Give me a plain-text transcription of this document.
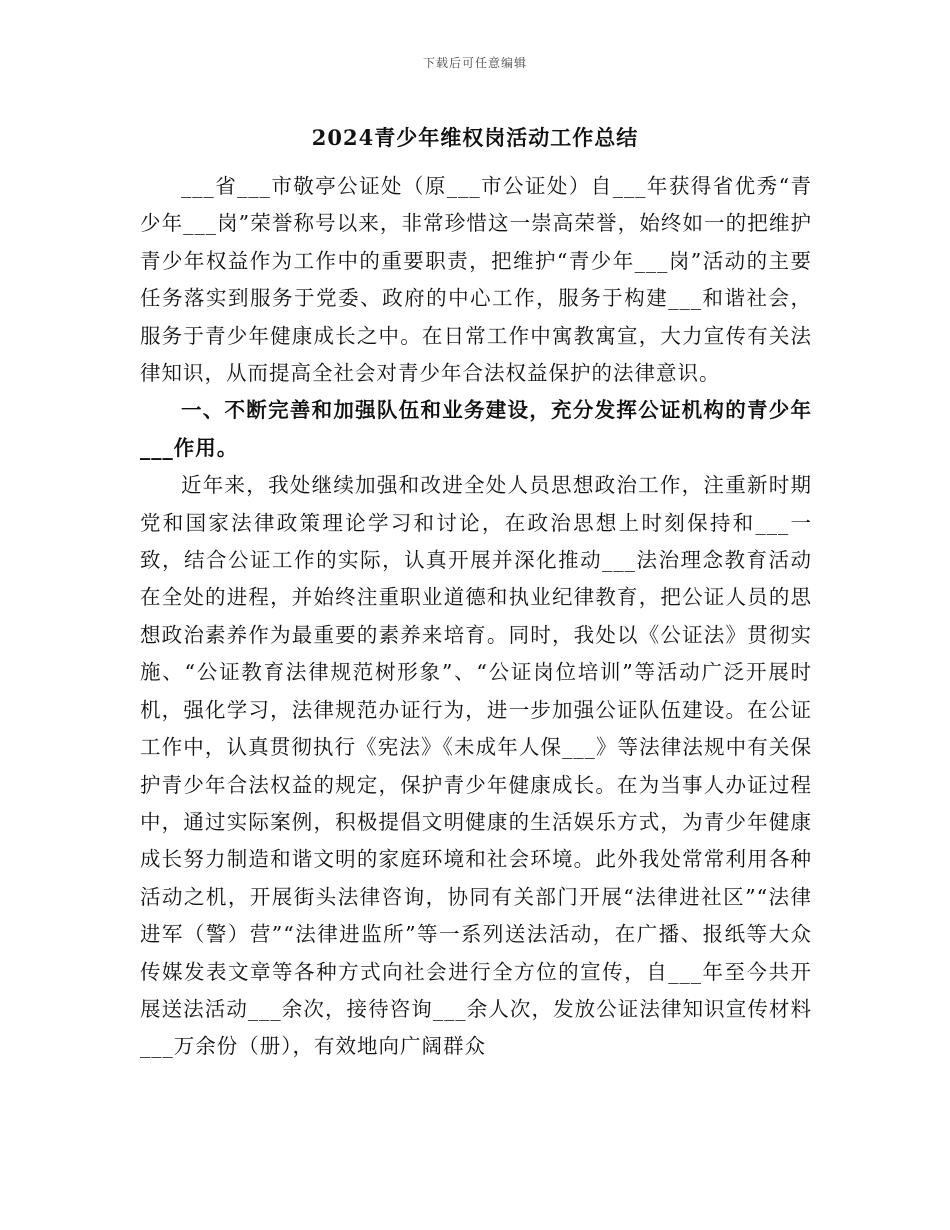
下载后可任意编辑
2024青少年维权岗活动工作总结

___省___市敬亭公证处（原___市公证处）自___年获得省优秀“青少年___岗”荣誉称号以来，非常珍惜这一崇高荣誉，始终如一的把维护青少年权益作为工作中的重要职责，把维护“青少年___岗”活动的主要任务落实到服务于党委、政府的中心工作，服务于构建___和谐社会，服务于青少年健康成长之中。在日常工作中寓教寓宣，大力宣传有关法律知识，从而提高全社会对青少年合法权益保护的法律意识。

一、不断完善和加强队伍和业务建设，充分发挥公证机构的青少年___作用。

近年来，我处继续加强和改进全处人员思想政治工作，注重新时期党和国家法律政策理论学习和讨论，在政治思想上时刻保持和___一致，结合公证工作的实际，认真开展并深化推动___法治理念教育活动在全处的进程，并始终注重职业道德和执业纪律教育，把公证人员的思想政治素养作为最重要的素养来培育。同时，我处以《公证法》贯彻实施、“公证教育法律规范树形象”、“公证岗位培训”等活动广泛开展时机，强化学习，法律规范办证行为，进一步加强公证队伍建设。在公证工作中，认真贯彻执行《宪法》《未成年人保___》等法律法规中有关保护青少年合法权益的规定，保护青少年健康成长。在为当事人办证过程中，通过实际案例，积极提倡文明健康的生活娱乐方式，为青少年健康成长努力制造和谐文明的家庭环境和社会环境。此外我处常常利用各种活动之机，开展街头法律咨询，协同有关部门开展“法律进社区”“法律进军（警）营”“法律进监所”等一系列送法活动，在广播、报纸等大众传媒发表文章等各种方式向社会进行全方位的宣传，自___年至今共开展送法活动___余次，接待咨询___余人次，发放公证法律知识宣传材料___万余份（册），有效地向广阔群众
